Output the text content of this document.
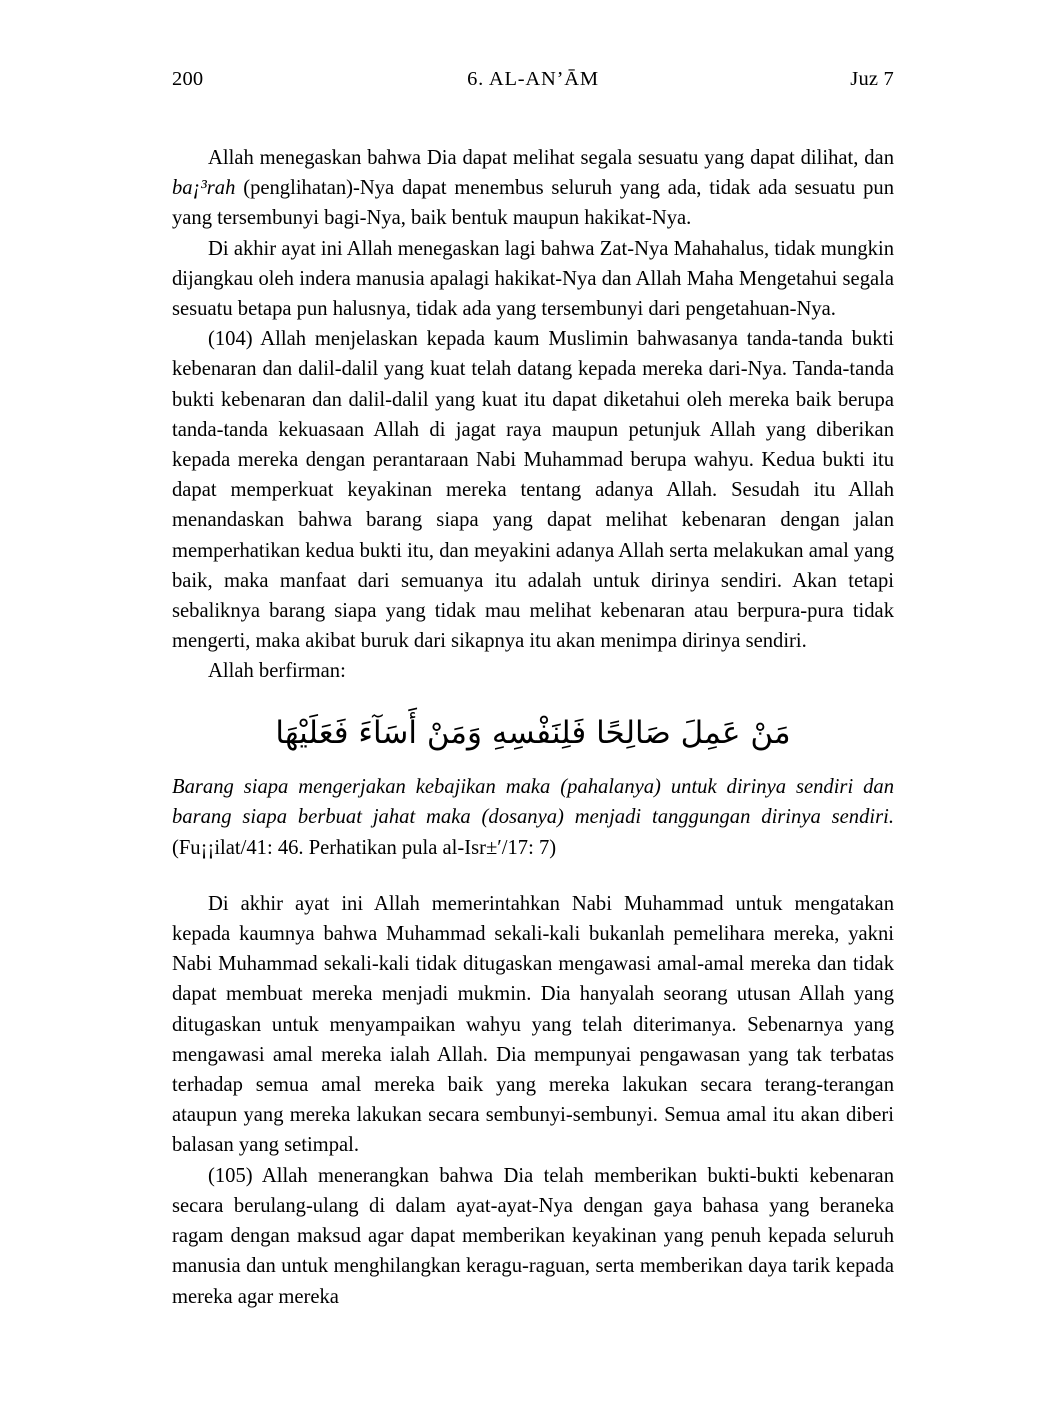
200	6. AL-AN’ĀM	Juz 7

Allah menegaskan bahwa Dia dapat melihat segala sesuatu yang dapat dilihat, dan ba¡³rah (penglihatan)-Nya dapat menembus seluruh yang ada, tidak ada sesuatu pun yang tersembunyi bagi-Nya, baik bentuk maupun hakikat-Nya.

Di akhir ayat ini Allah menegaskan lagi bahwa Zat-Nya Mahahalus, tidak mungkin dijangkau oleh indera manusia apalagi hakikat-Nya dan Allah Maha Mengetahui segala sesuatu betapa pun halusnya, tidak ada yang tersembunyi dari pengetahuan-Nya.

(104) Allah menjelaskan kepada kaum Muslimin bahwasanya tanda-tanda bukti kebenaran dan dalil-dalil yang kuat telah datang kepada mereka dari-Nya. Tanda-tanda bukti kebenaran dan dalil-dalil yang kuat itu dapat diketahui oleh mereka baik berupa tanda-tanda kekuasaan Allah di jagat raya maupun petunjuk Allah yang diberikan kepada mereka dengan perantaraan Nabi Muhammad berupa wahyu. Kedua bukti itu dapat memperkuat keyakinan mereka tentang adanya Allah. Sesudah itu Allah menandaskan bahwa barang siapa yang dapat melihat kebenaran dengan jalan memperhatikan kedua bukti itu, dan meyakini adanya Allah serta melakukan amal yang baik, maka manfaat dari semuanya itu adalah untuk dirinya sendiri. Akan tetapi sebaliknya barang siapa yang tidak mau melihat kebenaran atau berpura-pura tidak mengerti, maka akibat buruk dari sikapnya itu akan menimpa dirinya sendiri.

Allah berfirman:

مَنْ عَمِلَ صَالِحًا فَلِنَفْسِهِ وَمَنْ أَسَآءَ فَعَلَيْهَا

Barang siapa mengerjakan kebajikan maka (pahalanya) untuk dirinya sendiri dan barang siapa berbuat jahat maka (dosanya) menjadi tanggungan dirinya sendiri. (Fu¡¡ilat/41: 46. Perhatikan pula al-Isr±ʹ/17: 7)

Di akhir ayat ini Allah memerintahkan Nabi Muhammad untuk mengatakan kepada kaumnya bahwa Muhammad sekali-kali bukanlah pemelihara mereka, yakni Nabi Muhammad sekali-kali tidak ditugaskan mengawasi amal-amal mereka dan tidak dapat membuat mereka menjadi mukmin. Dia hanyalah seorang utusan Allah yang ditugaskan untuk menyampaikan wahyu yang telah diterimanya. Sebenarnya yang mengawasi amal mereka ialah Allah. Dia mempunyai pengawasan yang tak terbatas terhadap semua amal mereka baik yang mereka lakukan secara terang-terangan ataupun yang mereka lakukan secara sembunyi-sembunyi. Semua amal itu akan diberi balasan yang setimpal.

(105) Allah menerangkan bahwa Dia telah memberikan bukti-bukti kebenaran secara berulang-ulang di dalam ayat-ayat-Nya dengan gaya bahasa yang beraneka ragam dengan maksud agar dapat memberikan keyakinan yang penuh kepada seluruh manusia dan untuk menghilangkan keragu-raguan, serta memberikan daya tarik kepada mereka agar mereka
